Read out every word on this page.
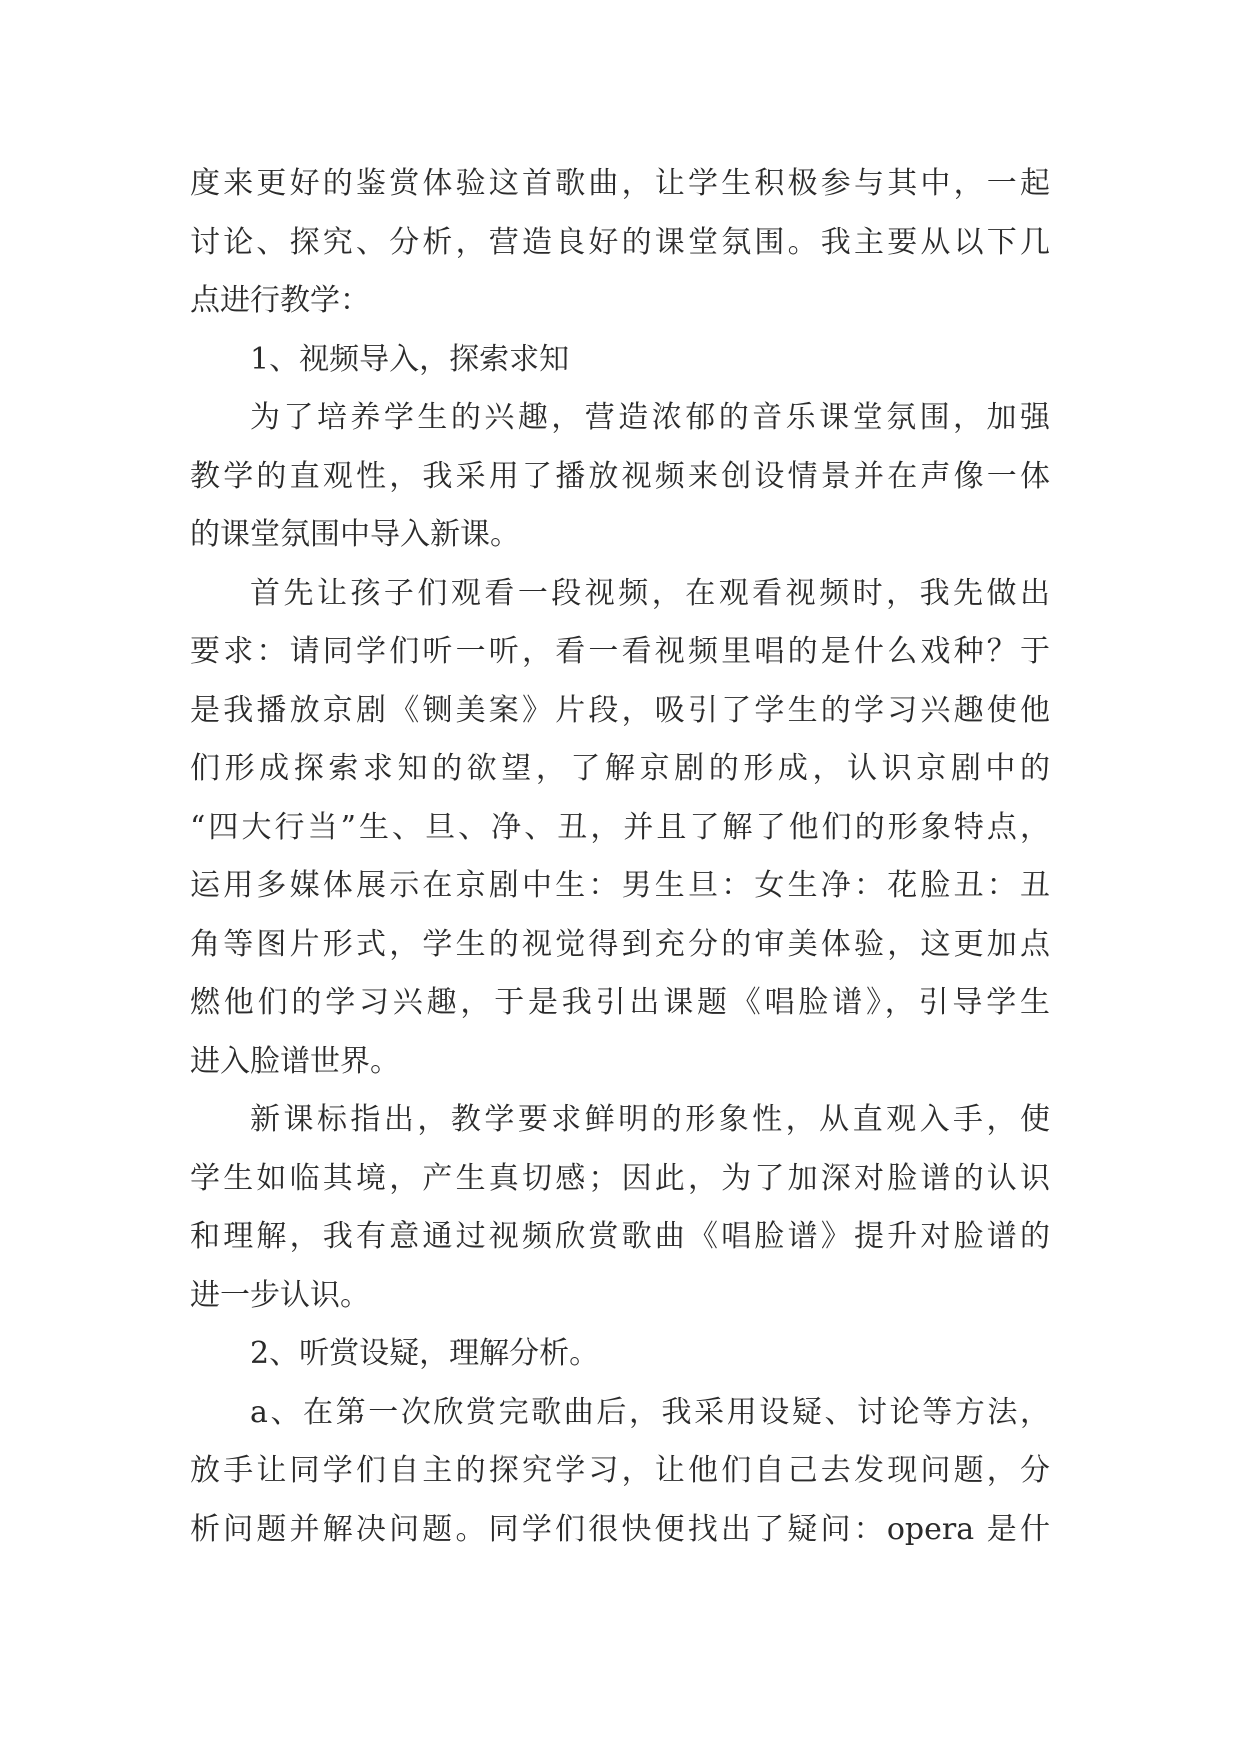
度来更好的鉴赏体验这首歌曲，让学生积极参与其中，一起
讨论、探究、分析，营造良好的课堂氛围。我主要从以下几
点进行教学：
1、视频导入，探索求知
为了培养学生的兴趣，营造浓郁的音乐课堂氛围，加强
教学的直观性，我采用了播放视频来创设情景并在声像一体
的课堂氛围中导入新课。
首先让孩子们观看一段视频，在观看视频时，我先做出
要求：请同学们听一听，看一看视频里唱的是什么戏种？于
是我播放京剧《铡美案》片段，吸引了学生的学习兴趣使他
们形成探索求知的欲望，了解京剧的形成，认识京剧中的
“四大行当”生、旦、净、丑，并且了解了他们的形象特点，
运用多媒体展示在京剧中生：男生旦：女生净：花脸丑：丑
角等图片形式，学生的视觉得到充分的审美体验，这更加点
燃他们的学习兴趣，于是我引出课题《唱脸谱》，引导学生
进入脸谱世界。
新课标指出，教学要求鲜明的形象性，从直观入手，使
学生如临其境，产生真切感；因此，为了加深对脸谱的认识
和理解，我有意通过视频欣赏歌曲《唱脸谱》提升对脸谱的
进一步认识。
2、听赏设疑，理解分析。
a、在第一次欣赏完歌曲后，我采用设疑、讨论等方法，
放手让同学们自主的探究学习，让他们自己去发现问题，分
析问题并解决问题。同学们很快便找出了疑问：opera 是什
